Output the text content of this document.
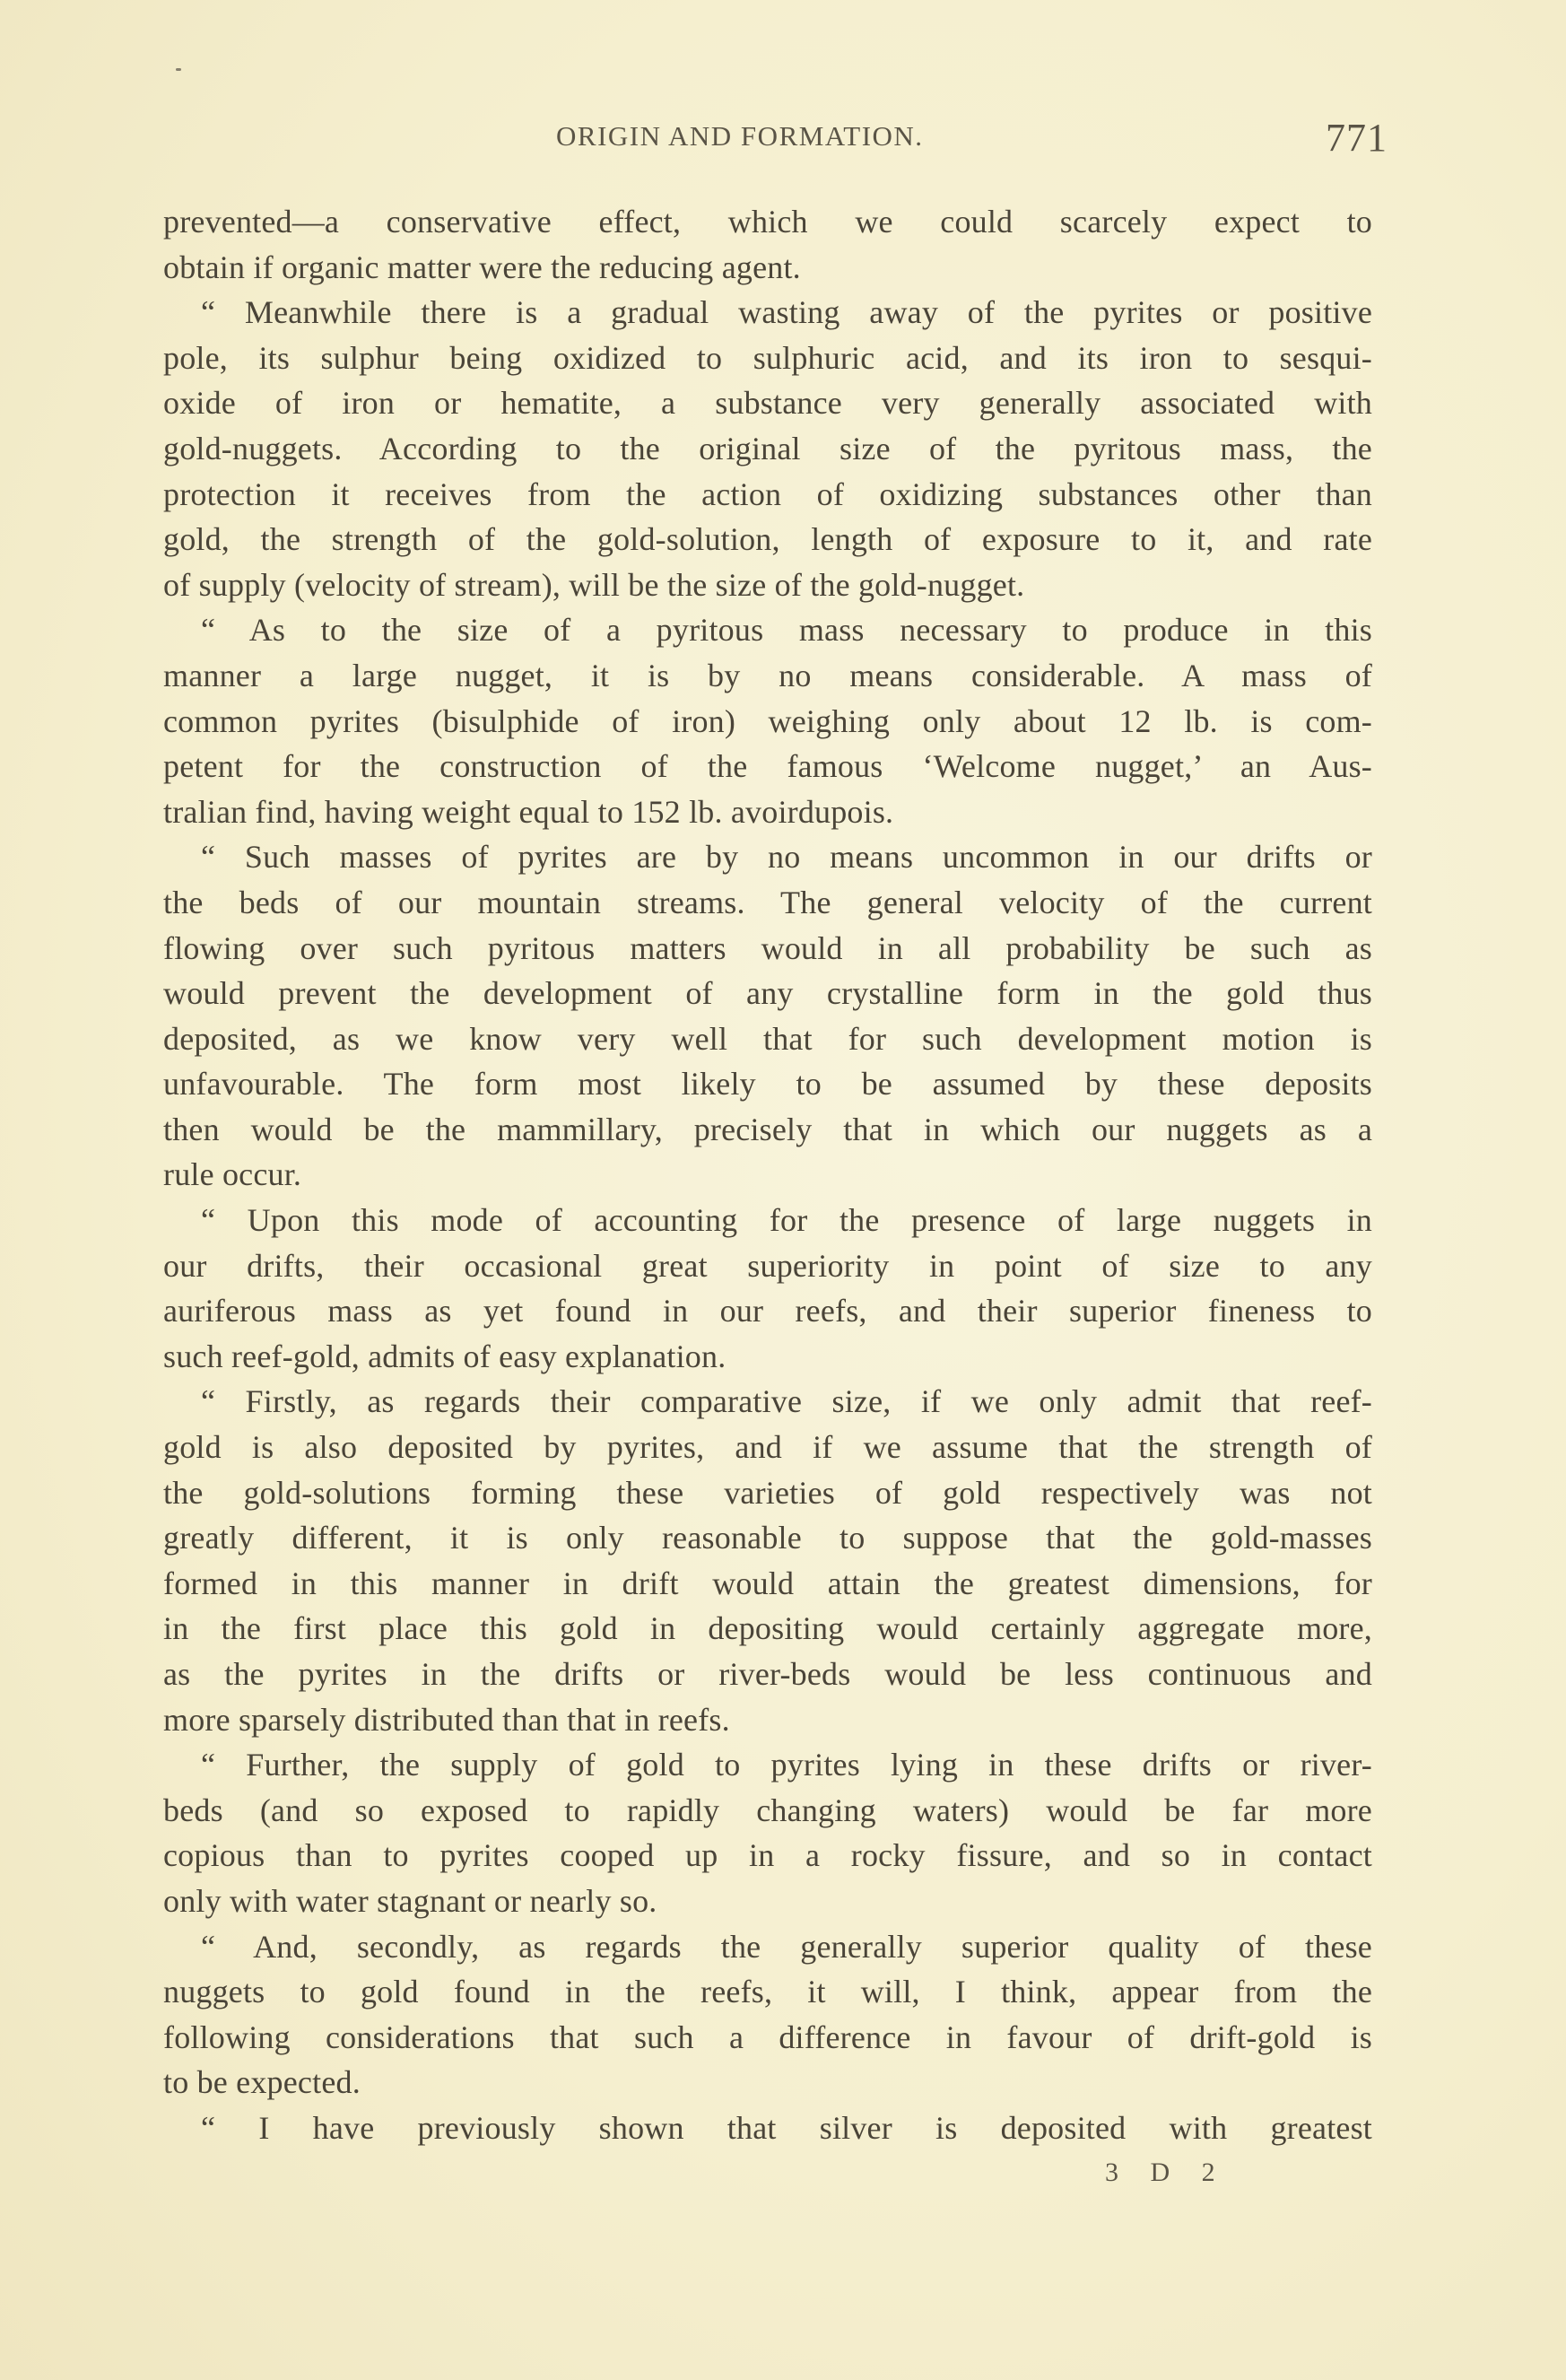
ORIGIN AND FORMATION.	771
prevented—a conservative effect, which we could scarcely expect to
obtain if organic matter were the reducing agent.
“ Meanwhile there is a gradual wasting away of the pyrites or positive
pole, its sulphur being oxidized to sulphuric acid, and its iron to sesqui-
oxide of iron or hematite, a substance very generally associated with
gold-nuggets. According to the original size of the pyritous mass, the
protection it receives from the action of oxidizing substances other than
gold, the strength of the gold-solution, length of exposure to it, and rate
of supply (velocity of stream), will be the size of the gold-nugget.
“ As to the size of a pyritous mass necessary to produce in this
manner a large nugget, it is by no means considerable. A mass of
common pyrites (bisulphide of iron) weighing only about 12 lb. is com-
petent for the construction of the famous ‘Welcome nugget,’ an Aus-
tralian find, having weight equal to 152 lb. avoirdupois.
“ Such masses of pyrites are by no means uncommon in our drifts or
the beds of our mountain streams. The general velocity of the current
flowing over such pyritous matters would in all probability be such as
would prevent the development of any crystalline form in the gold thus
deposited, as we know very well that for such development motion is
unfavourable. The form most likely to be assumed by these deposits
then would be the mammillary, precisely that in which our nuggets as a
rule occur.
“ Upon this mode of accounting for the presence of large nuggets in
our drifts, their occasional great superiority in point of size to any
auriferous mass as yet found in our reefs, and their superior fineness to
such reef-gold, admits of easy explanation.
“ Firstly, as regards their comparative size, if we only admit that reef-
gold is also deposited by pyrites, and if we assume that the strength of
the gold-solutions forming these varieties of gold respectively was not
greatly different, it is only reasonable to suppose that the gold-masses
formed in this manner in drift would attain the greatest dimensions, for
in the first place this gold in depositing would certainly aggregate more,
as the pyrites in the drifts or river-beds would be less continuous and
more sparsely distributed than that in reefs.
“ Further, the supply of gold to pyrites lying in these drifts or river-
beds (and so exposed to rapidly changing waters) would be far more
copious than to pyrites cooped up in a rocky fissure, and so in contact
only with water stagnant or nearly so.
“ And, secondly, as regards the generally superior quality of these
nuggets to gold found in the reefs, it will, I think, appear from the
following considerations that such a difference in favour of drift-gold is
to be expected.
“ I have previously shown that silver is deposited with greatest
3 D 2
